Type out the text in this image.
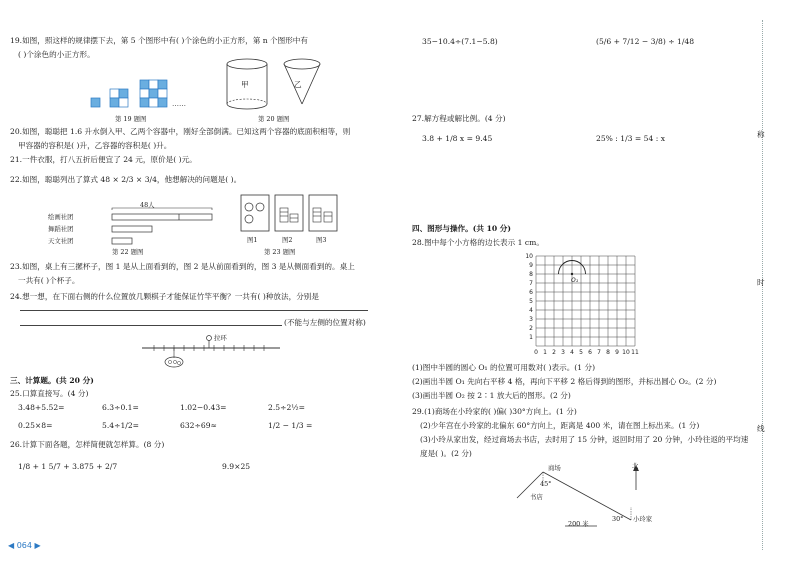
19.如图，照这样的规律摆下去，第 5 个图形中有( )个涂色的小正方形，第 n 个图形中有
( )个涂色的小正方形。
……
第 19 题图
甲	乙
第 20 题图
20.如图，聪聪把 1.6 升水倒入甲、乙两个容器中，刚好全部倒满。已知这两个容器的底面积相等，则
甲容器的容积是( )升，乙容器的容积是( )升。
21.一件衣服，打八五折后便宜了 24 元，原价是( )元。
22.如图，聪聪列出了算式 48 × 2/3 × 3/4，他想解决的问题是( )。
48人
绘画社团
舞蹈社团
天文社团
第 22 题图
图1	图2	图3
第 23 题图
23.如图，桌上有三摞杯子，图 1 是从上面看到的，图 2 是从前面看到的，图 3 是从侧面看到的。桌上
一共有( )个杯子。
24.想一想，在下面右侧的什么位置放几颗棋子才能保证竹竿平衡？一共有( )种放法，分别是
(不能与左侧的位置对称)
拉环
三、计算题。(共 20 分)
25.口算直接写。(4 分)
3.48+5.52=	6.3÷0.1=	1.02−0.43=	2.5÷2½=
0.25×8=	5.4÷1/2=	632÷69≈	1/2 − 1/3 =
26.计算下面各题，怎样简便就怎样算。(8 分)
1/8 + 1 5/7 + 3.875 + 2/7	9.9×25
◀ 064 ▶
35−10.4÷(7.1−5.8)	(5/6 + 7/12 − 3/8) ÷ 1/48
27.解方程或解比例。(4 分)
3.8 + 1/8 x = 9.45	25% : 1/3 = 54 : x
四、图形与操作。(共 10 分)
28.图中每个小方格的边长表示 1 cm。
0 1 2 3 4 5 6 7 8 9 10 11
1
2
3
4
5
6
7
8
9
10
O₁
(1)图中半圆的圆心 O₁ 的位置可用数对( )表示。(1 分)
(2)画出半圆 O₁ 先向右平移 4 格，再向下平移 2 格后得到的图形，并标出圆心 O₂。(2 分)
(3)画出半圆 O₂ 按 2∶1 放大后的图形。(2 分)
29.(1)商场在小玲家的( )偏( )30°方向上。(1 分)
(2)少年宫在小玲家的北偏东 60°方向上，距离是 400 米，请在图上标出来。(1 分)
(3)小玲从家出发，经过商场去书店，去时用了 15 分钟，返回时用了 20 分钟，小玲往返的平均速
度是( )。(2 分)
商场
书店
小玲家
北
45°
30°
200 米
称
时
线
